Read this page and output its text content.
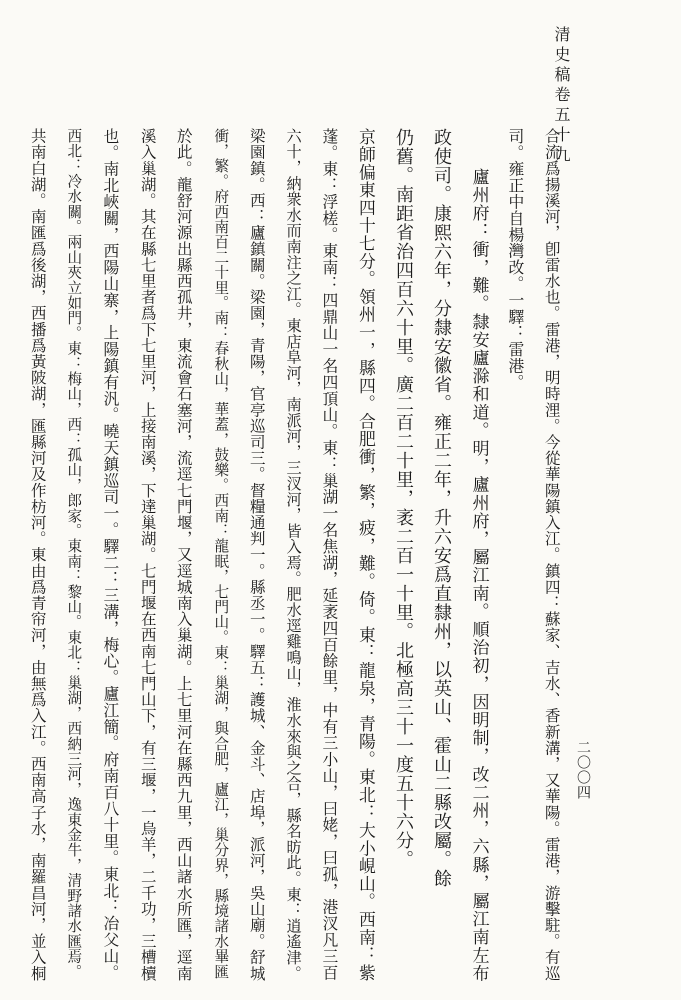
清史稿卷五十九
二〇〇四

合流爲揚溪河，卽雷水也。雷港，明時浬。今從華陽鎮入江。鎮四：蘇家、吉水、香新溝，又華陽。雷港，游擊駐。有巡

司。雍正中自楊灣改。一驛：雷港。

廬州府：衝，難。隸安廬滁和道。明，廬州府，屬江南。順治初，因明制，改二州，六縣，屬江南左布

政使司。康熙六年，分隸安徽省。雍正二年，升六安爲直隸州，以英山、霍山二縣改屬。餘

仍舊。南距省治四百六十里。廣二百二十里，袤二百一十里。北極高三十一度五十六分。

京師偏東四十七分。領州一，縣四。合肥衝，繁，疲，難。倚。東：龍泉，青陽。東北：大小峴山。西南：紫

蓬。東：浮槎。東南：四鼎山一名四頂山。東：巢湖一名焦湖，延袤四百餘里，中有三小山，曰姥，曰孤，港汊凡三百

六十，納衆水而南注之江。東店阜河，南派河，三汊河，皆入焉。肥水逕雞鳴山，淮水來與之合，縣名昉此。東：逍遙津。

梁園鎮。西：廬鎮關。梁園，青陽，官亭巡司三。督糧通判一。縣丞一。驛五：護城、金斗、店埠，派河，吳山廟。舒城

衝，繁。府西南百二十里。南：春秋山，華蓋，鼓樂。西南：龍眠，七門山。東：巢湖，與合肥，廬江，巢分界，縣境諸水畢匯

於此。龍舒河源出縣西孤井，東流會石塞河，流逕七門堰，又逕城南入巢湖。上七里河在縣西九里，西山諸水所匯，逕南

溪入巢湖。其在縣七里者爲下七里河，上接南溪，下達巢湖。七門堰在西南七門山下，有三堰，一烏羊，二千功，三槽櫝

也。南北峽關，西陽山寨，上陽鎮有汎。曉天鎮巡司一。驛二：三溝，梅心。廬江簡。府南百八十里。東北：冶父山。

西北：冷水關。兩山夾立如門。東：梅山，西：孤山，郎家。東南：黎山。東北：巢湖，西納三河，逸東金牛，清野諸水匯焉。

共南白湖。南匯爲後湖，西播爲黃陂湖，匯縣河及作枋河。東由爲青帘河，由無爲入江。西南高子水，南羅昌河，並入桐
